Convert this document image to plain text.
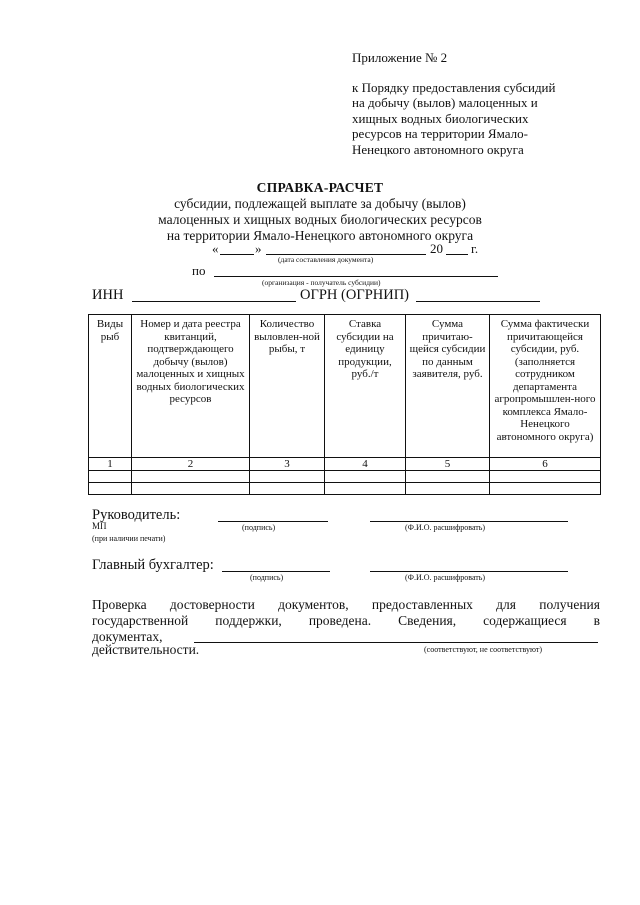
Приложение № 2
к Порядку предоставления субсидий
на добычу (вылов) малоценных и
хищных водных биологических
ресурсов на территории Ямало-
Ненецкого автономного округа
СПРАВКА-РАСЧЕТ
субсидии, подлежащей выплате за добычу (вылов)
малоценных и хищных водных биологических ресурсов
на территории Ямало-Ненецкого автономного округа
«	»	20 г.
(дата составления документа)
по
(организация - получатель субсидии)
ИНН	ОГРН (ОГРНИП)
Виды рыб	Номер и дата реестра квитанций, подтверждающего добычу (вылов) малоценных и хищных водных биологических ресурсов	Количество выловлен-ной рыбы, т	Ставка субсидии на единицу продукции, руб./т	Сумма причитаю-щейся субсидии по данным заявителя, руб.	Сумма фактически причитающейся субсидии, руб. (заполняется сотрудником департамента агропромышлен-ного комплекса Ямало-Ненецкого автономного округа)
1	2	3	4	5	6

Руководитель:
МП	(подпись)	(Ф.И.О. расшифровать)
(при наличии печати)
Главный бухгалтер:
(подпись)	(Ф.И.О. расшифровать)
Проверка достоверности документов, предоставленных для получения
государственной поддержки, проведена. Сведения, содержащиеся в
документах,
действительности.	(соответствуют, не соответствуют)
